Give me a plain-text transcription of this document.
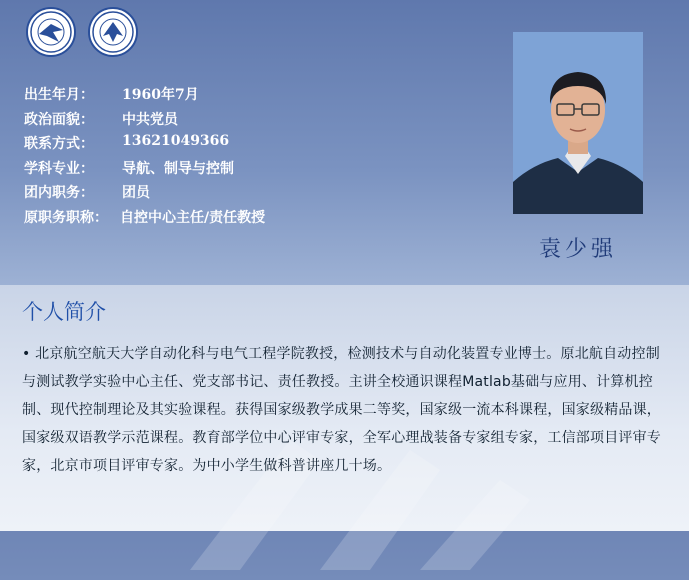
出生年月： 1960年7月
政治面貌： 中共党员
联系方式： 13621049366
学科专业： 导航、制导与控制
团内职务： 团员
原职务职称： 自控中心主任/责任教授
袁少强
个人简介
• 北京航空航天大学自动化科与电气工程学院教授，检测技术与自动化装置专业博士。原北航自动控制与测试教学实验中心主任、党支部书记、责任教授。主讲全校通识课程Matlab基础与应用、计算机控制、现代控制理论及其实验课程。获得国家级教学成果二等奖，国家级一流本科课程，国家级精品课，国家级双语教学示范课程。教育部学位中心评审专家，全军心理战装备专家组专家，工信部项目评审专家，北京市项目评审专家。为中小学生做科普讲座几十场。
